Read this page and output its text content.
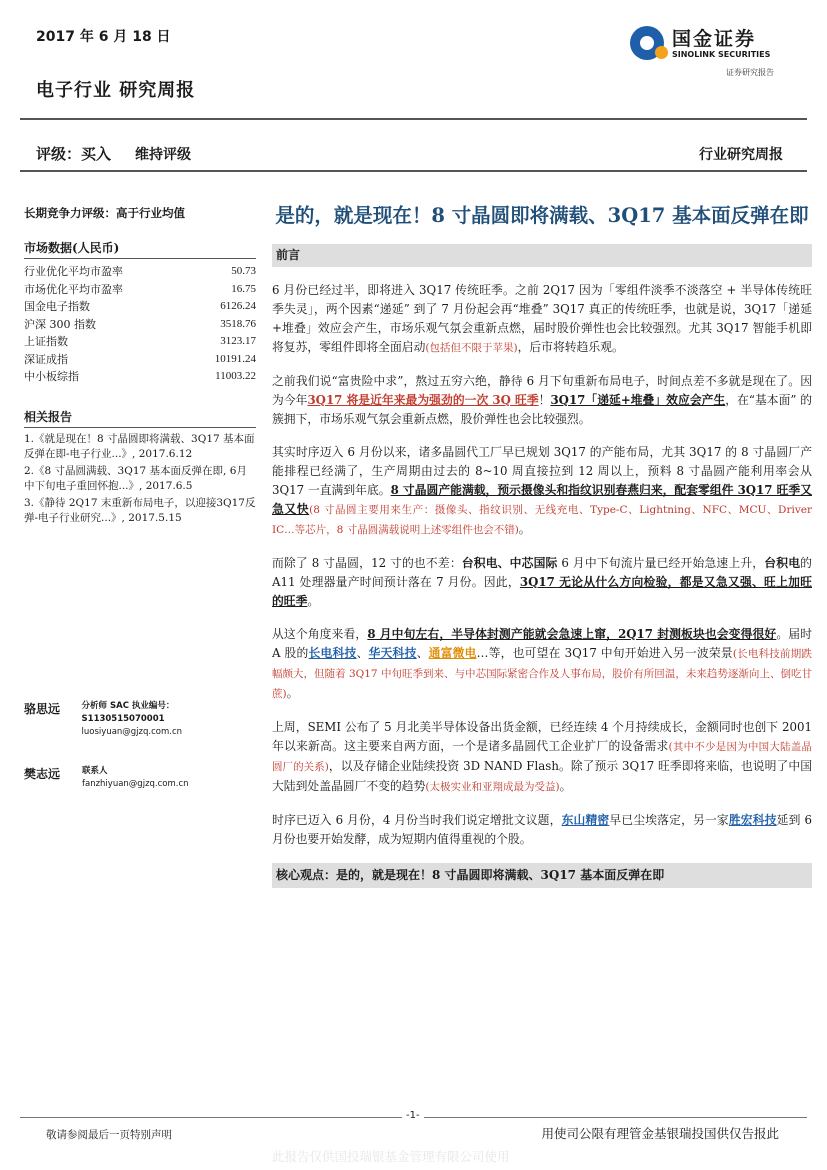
2017 年 6 月 18 日
电子行业 研究周报
国金证券
SINOLINK SECURITIES
证券研究报告
评级：买入 维持评级	行业研究周报
长期竞争力评级：高于行业均值
市场数据(人民币)
行业优化平均市盈率	50.73
市场优化平均市盈率	16.75
国金电子指数	6126.24
沪深 300 指数	3518.76
上证指数	3123.17
深证成指	10191.24
中小板综指	11003.22
相关报告
1.《就是现在！8 寸晶圆即将满载、3Q17 基本面反弹在即-电子行业...》, 2017.6.12
2.《8 寸晶圆满载、3Q17 基本面反弹在即, 6月中下旬电子重回怀抱...》, 2017.6.5
3.《静待 2Q17 末重新布局电子，以迎接3Q17反弹-电子行业研究...》, 2017.5.15
骆思远	分析师 SAC 执业编号：S1130515070001
luosiyuan@gjzq.com.cn
樊志远	联系人
fanzhiyuan@gjzq.com.cn
是的，就是现在！8 寸晶圆即将满载、3Q17 基本面反弹在即
前言

6 月份已经过半，即将进入 3Q17 传统旺季。之前 2Q17 因为「零组件淡季不淡落空 + 半导体传统旺季失灵」，两个因素“递延” 到了 7 月份起会再“堆叠” 3Q17 真正的传统旺季，也就是说，3Q17「递延+堆叠」效应会产生，市场乐观气氛会重新点燃，届时股价弹性也会比较强烈。尤其 3Q17 智能手机即将复苏，零组件即将全面启动(包括但不限于苹果)，后市将转趋乐观。

之前我们说“富贵险中求”，熬过五穷六绝，静待 6 月下旬重新布局电子，时间点差不多就是现在了。因为今年3Q17 将是近年来最为强劲的一次 3Q 旺季！3Q17「递延+堆叠」效应会产生，在“基本面” 的簇拥下，市场乐观气氛会重新点燃，股价弹性也会比较强烈。

其实时序迈入 6 月份以来，诸多晶圆代工厂早已规划 3Q17 的产能布局，尤其 3Q17 的 8 寸晶圆厂产能排程已经满了，生产周期由过去的 8~10 周直接拉到 12 周以上，预料 8 寸晶圆产能利用率会从 3Q17 一直满到年底。8 寸晶圆产能满载，预示摄像头和指纹识别春燕归来，配套零组件 3Q17 旺季又急又快(8 寸晶圆主要用来生产：摄像头、指纹识别、无线充电、Type-C、Lightning、NFC、MCU、Driver IC…等芯片，8 寸晶圆满载说明上述零组件也会不错)。

而除了 8 寸晶圆，12 寸的也不差：台积电、中芯国际 6 月中下旬流片量已经开始急速上升，台积电的 A11 处理器量产时间预计落在 7 月份。因此，3Q17 无论从什么方向检验，都是又急又强、旺上加旺的旺季。

从这个角度来看，8 月中旬左右，半导体封测产能就会急速上窜，2Q17 封测板块也会变得很好。届时 A 股的长电科技、华天科技、通富微电…等，也可望在 3Q17 中旬开始进入另一波荣景(长电科技前期跌幅颇大，但随着 3Q17 中旬旺季到来、与中芯国际紧密合作及人事布局，股价有所回温，未来趋势逐渐向上、倒吃甘蔗)。

上周，SEMI 公布了 5 月北美半导体设备出货金额，已经连续 4 个月持续成长，金额同时也创下 2001 年以来新高。这主要来自两方面，一个是诸多晶圆代工企业扩厂的设备需求(其中不少是因为中国大陆盖晶圆厂的关系)，以及存储企业陆续投资 3D NAND Flash。除了预示 3Q17 旺季即将来临，也说明了中国大陆到处盖晶圆厂不变的趋势(太极实业和亚翔成最为受益)。

时序已迈入 6 月份，4 月份当时我们说定增批文议题，东山精密早已尘埃落定，另一家胜宏科技延到 6 月份也要开始发酵，成为短期内值得重视的个股。

核心观点：是的，就是现在！8 寸晶圆即将满载、3Q17 基本面反弹在即
-1-
敬请参阅最后一页特别声明	用使司公限有理管金基银瑞投国供仅告报此
此报告仅供国投瑞银基金管理有限公司使用
